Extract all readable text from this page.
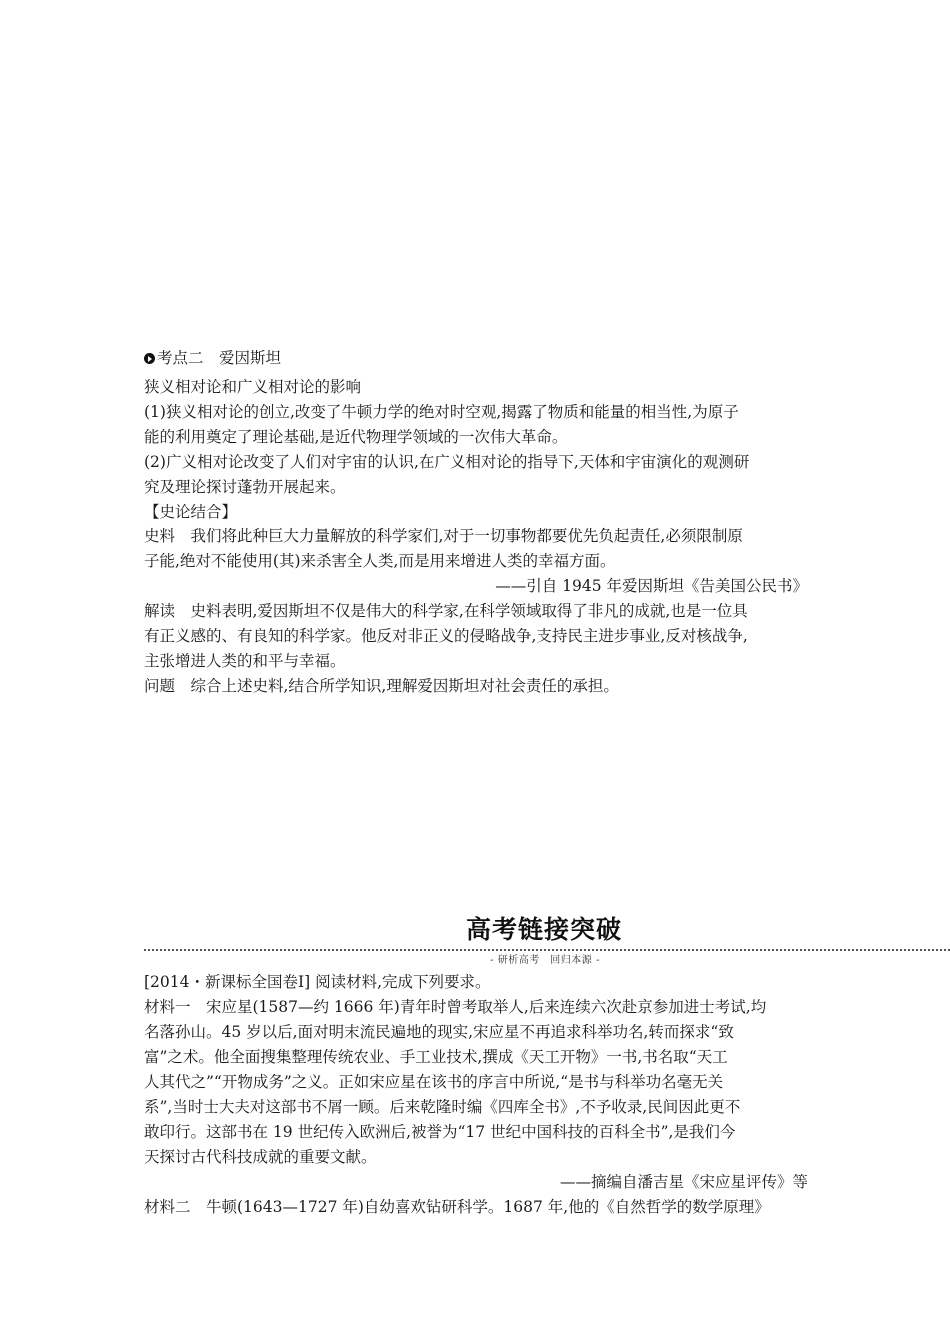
考点二　爱因斯坦
狭义相对论和广义相对论的影响
(1)狭义相对论的创立,改变了牛顿力学的绝对时空观,揭露了物质和能量的相当性,为原子
能的利用奠定了理论基础,是近代物理学领域的一次伟大革命。
(2)广义相对论改变了人们对宇宙的认识,在广义相对论的指导下,天体和宇宙演化的观测研
究及理论探讨蓬勃开展起来。
【史论结合】
史料　我们将此种巨大力量解放的科学家们,对于一切事物都要优先负起责任,必须限制原
子能,绝对不能使用(其)来杀害全人类,而是用来增进人类的幸福方面。
——引自 1945 年爱因斯坦《告美国公民书》
解读　史料表明,爱因斯坦不仅是伟大的科学家,在科学领域取得了非凡的成就,也是一位具
有正义感的、有良知的科学家。他反对非正义的侵略战争,支持民主进步事业,反对核战争,
主张增进人类的和平与幸福。
问题　综合上述史料,结合所学知识,理解爱因斯坦对社会责任的承担。
高考链接突破
- 研析高考　回归本源 -
[2014・新课标全国卷Ⅰ] 阅读材料,完成下列要求。
材料一　宋应星(1587—约 1666 年)青年时曾考取举人,后来连续六次赴京参加进士考试,均
名落孙山。45 岁以后,面对明末流民遍地的现实,宋应星不再追求科举功名,转而探求“致
富”之术。他全面搜集整理传统农业、手工业技术,撰成《天工开物》一书,书名取“天工
人其代之”“开物成务”之义。正如宋应星在该书的序言中所说,“是书与科举功名毫无关
系”,当时士大夫对这部书不屑一顾。后来乾隆时编《四库全书》,不予收录,民间因此更不
敢印行。这部书在 19 世纪传入欧洲后,被誉为“17 世纪中国科技的百科全书”,是我们今
天探讨古代科技成就的重要文献。
——摘编自潘吉星《宋应星评传》等
材料二　牛顿(1643—1727 年)自幼喜欢钻研科学。1687 年,他的《自然哲学的数学原理》
